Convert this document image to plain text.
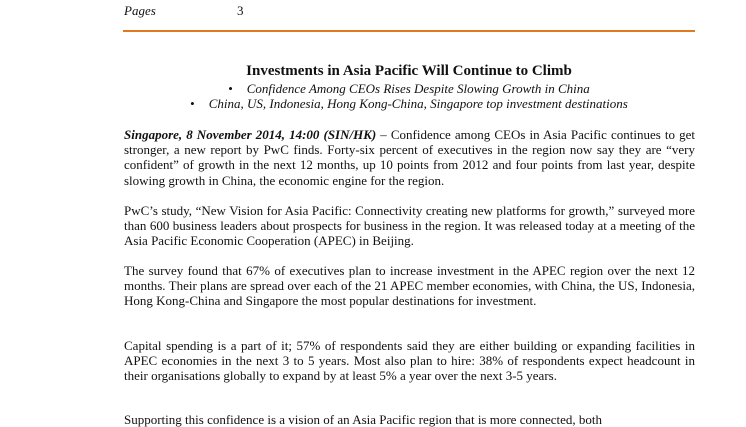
Pages	3
Investments in Asia Pacific Will Continue to Climb
• Confidence Among CEOs Rises Despite Slowing Growth in China
• China, US, Indonesia, Hong Kong-China, Singapore top investment destinations

Singapore, 8 November 2014, 14:00 (SIN/HK) – Confidence among CEOs in Asia Pacific continues to get stronger, a new report by PwC finds. Forty-six percent of executives in the region now say they are “very confident” of growth in the next 12 months, up 10 points from 2012 and four points from last year, despite slowing growth in China, the economic engine for the region.

PwC’s study, “New Vision for Asia Pacific: Connectivity creating new platforms for growth,” surveyed more than 600 business leaders about prospects for business in the region. It was released today at a meeting of the Asia Pacific Economic Cooperation (APEC) in Beijing.

The survey found that 67% of executives plan to increase investment in the APEC region over the next 12 months. Their plans are spread over each of the 21 APEC member economies, with China, the US, Indonesia, Hong Kong-China and Singapore the most popular destinations for investment.

Capital spending is a part of it; 57% of respondents said they are either building or expanding facilities in APEC economies in the next 3 to 5 years. Most also plan to hire: 38% of respondents expect headcount in their organisations globally to expand by at least 5% a year over the next 3-5 years.

Supporting this confidence is a vision of an Asia Pacific region that is more connected, both
